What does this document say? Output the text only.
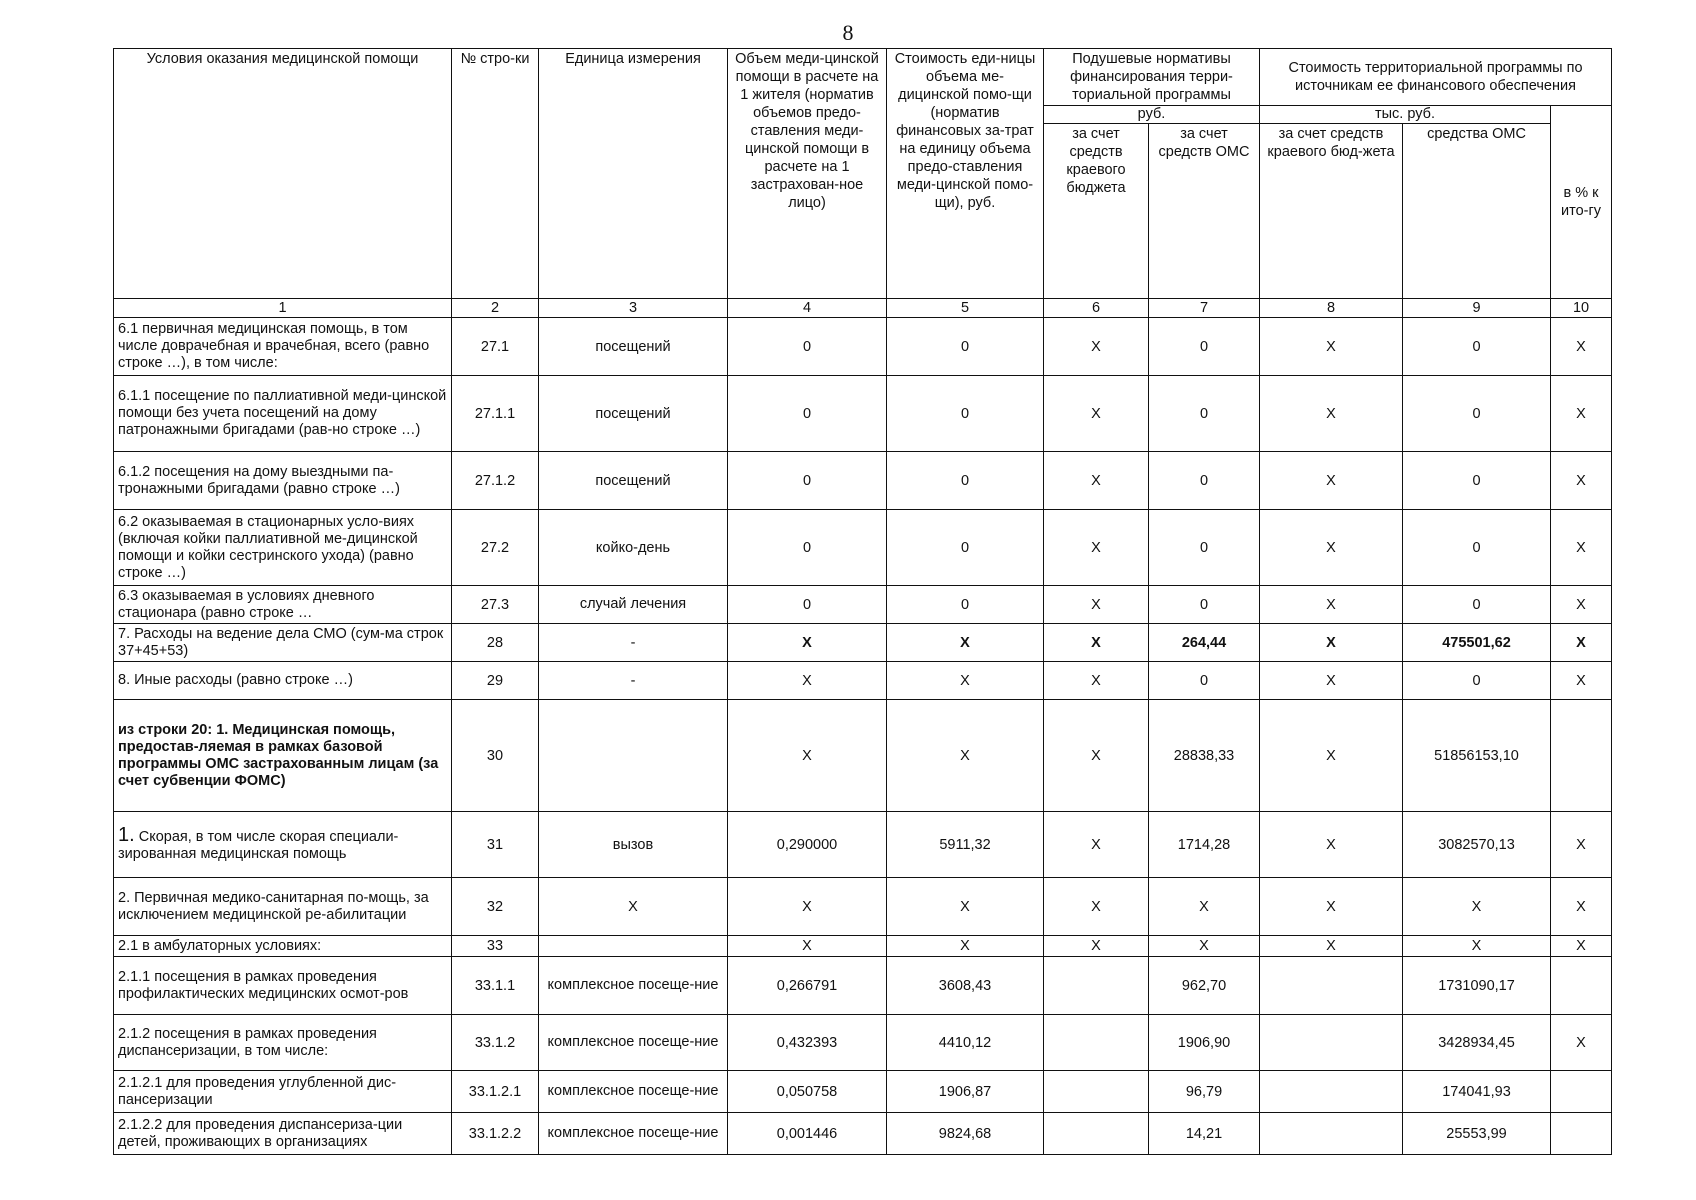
8
Условия оказания медицинской помощи	№ стро-ки	Единица измерения	Объем меди-цинской помощи в расчете на 1 жителя (норматив объемов предо-ставления меди-цинской помощи в расчете на 1 застрахован-ное лицо)	Стоимость еди-ницы объема ме-дицинской помо-щи (норматив финансовых за-трат на единицу объема предо-ставления меди-цинской помо-щи), руб.	Подушевые нормативы финансирования терри-ториальной программы		Стоимость территориальной программы по источникам ее финансового обеспечения		
					руб.		тыс. руб.		в % к ито-гу
					за счет средств краевого бюджета	за счет средств ОМС	за счет средств краевого бюд-жета	средства ОМС	
1	2	3	4	5	6	7	8	9	10
6.1 первичная медицинская помощь, в том числе доврачебная и врачебная, всего (равно строке …), в том числе:	27.1	посещений	0	0	Х	0	Х	0	Х
6.1.1 посещение по паллиативной меди-цинской помощи без учета посещений на дому патронажными бригадами (рав-но строке …)	27.1.1	посещений	0	0	Х	0	Х	0	Х
6.1.2 посещения на дому выездными па-тронажными бригадами (равно строке …)	27.1.2	посещений	0	0	Х	0	Х	0	Х
6.2 оказываемая в стационарных усло-виях (включая койки паллиативной ме-дицинской помощи и койки сестринского ухода) (равно строке …)	27.2	койко-день	0	0	Х	0	Х	0	Х
6.3 оказываемая в условиях дневного стационара (равно строке …	27.3	случай лечения	0	0	Х	0	Х	0	Х
7. Расходы на ведение дела СМО (сум-ма строк 37+45+53)	28	-	Х	Х	Х	264,44	Х	475501,62	Х
8. Иные расходы (равно строке …)	29	-	Х	Х	Х	0	Х	0	Х
из строки 20: 1. Медицинская помощь, предостав-ляемая в рамках базовой программы ОМС застрахованным лицам (за счет субвенции ФОМС)	30		Х	Х	Х	28838,33	Х	51856153,10	
1. Скорая, в том числе скорая специали-зированная медицинская помощь	31	вызов	0,290000	5911,32	Х	1714,28	Х	3082570,13	Х
2. Первичная медико-санитарная по-мощь, за исключением медицинской ре-абилитации	32	Х	Х	Х	Х	Х	Х	Х	Х
2.1 в амбулаторных условиях:	33		Х	Х	Х	Х	Х	Х	Х
2.1.1 посещения в рамках проведения профилактических медицинских осмот-ров	33.1.1	комплексное посеще-ние	0,266791	3608,43		962,70		1731090,17	
2.1.2 посещения в рамках проведения диспансеризации, в том числе:	33.1.2	комплексное посеще-ние	0,432393	4410,12		1906,90		3428934,45	Х
2.1.2.1 для проведения углубленной дис-пансеризации	33.1.2.1	комплексное посеще-ние	0,050758	1906,87		96,79		174041,93	
2.1.2.2 для проведения диспансериза-ции детей, проживающих в организациях	33.1.2.2	комплексное посеще-ние	0,001446	9824,68		14,21		25553,99	
